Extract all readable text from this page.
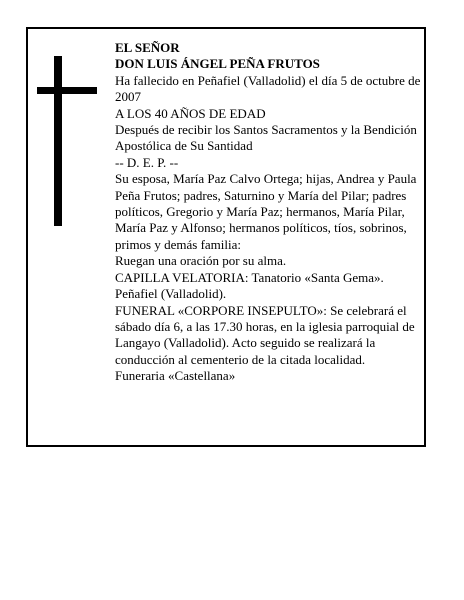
EL SEÑOR

DON LUIS ÁNGEL PEÑA FRUTOS

Ha fallecido en Peñafiel (Valladolid) el día 5 de octubre de 2007

A LOS 40 AÑOS DE EDAD

Después de recibir los Santos Sacramentos y la Bendición Apostólica de Su Santidad

-- D. E. P. --

Su esposa, María Paz Calvo Ortega; hijas, Andrea y Paula Peña Frutos; padres, Saturnino y María del Pilar; padres políticos, Gregorio y María Paz; hermanos, María Pilar, María Paz y Alfonso; hermanos políticos, tíos, sobrinos, primos y demás familia:

Ruegan una oración por su alma.

CAPILLA VELATORIA: Tanatorio «Santa Gema». Peñafiel (Valladolid).

FUNERAL «CORPORE INSEPULTO»: Se celebrará el sábado día 6, a las 17.30 horas, en la iglesia parroquial de Langayo (Valladolid). Acto seguido se realizará la conducción al cementerio de la citada localidad.

Funeraria «Castellana»
